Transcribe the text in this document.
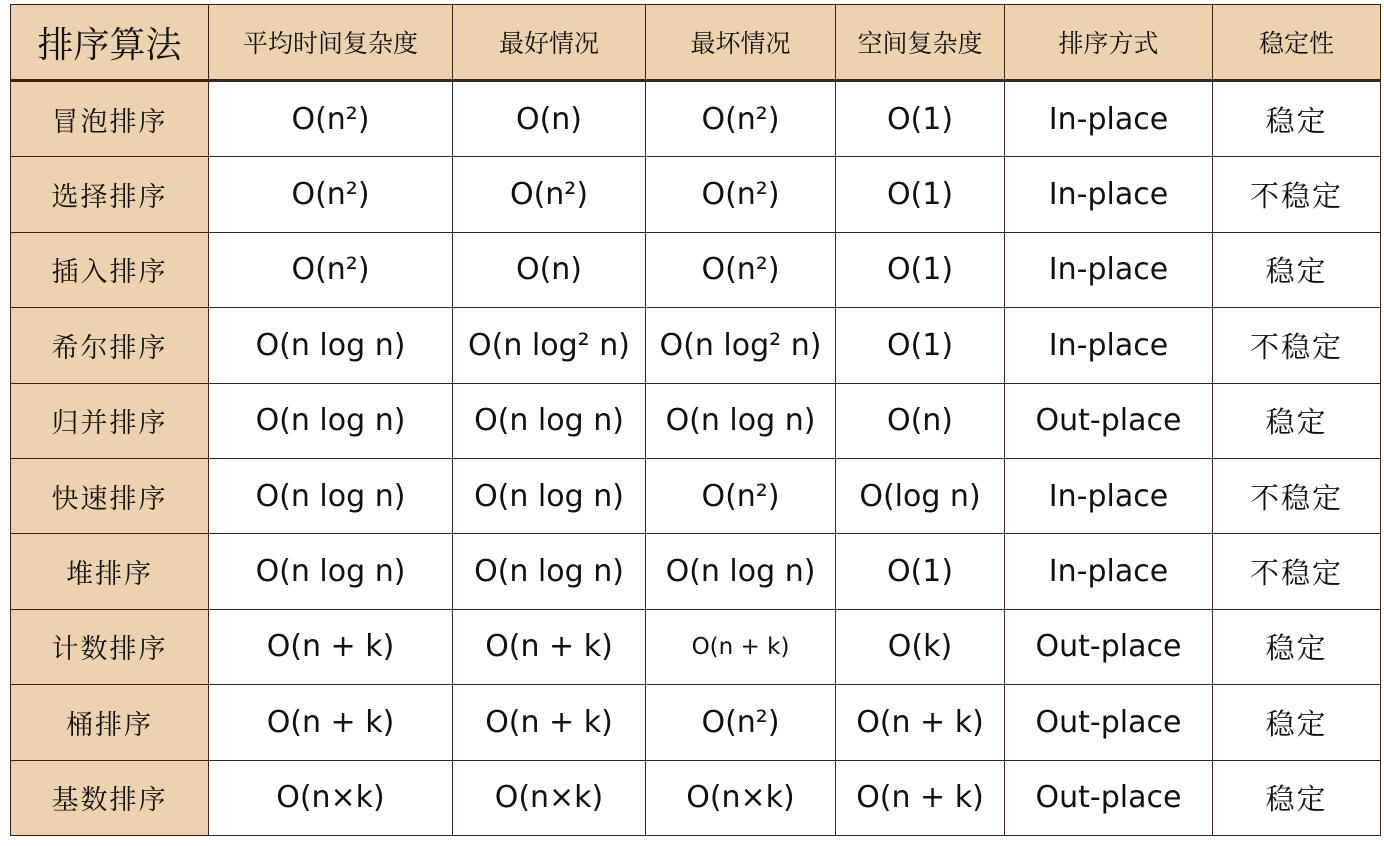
排序算法	平均时间复杂度	最好情况	最坏情况	空间复杂度	排序方式	稳定性
冒泡排序	O(n²)	O(n)	O(n²)	O(1)	In-place	稳定
选择排序	O(n²)	O(n²)	O(n²)	O(1)	In-place	不稳定
插入排序	O(n²)	O(n)	O(n²)	O(1)	In-place	稳定
希尔排序	O(n log n)	O(n log² n)	O(n log² n)	O(1)	In-place	不稳定
归并排序	O(n log n)	O(n log n)	O(n log n)	O(n)	Out-place	稳定
快速排序	O(n log n)	O(n log n)	O(n²)	O(log n)	In-place	不稳定
堆排序	O(n log n)	O(n log n)	O(n log n)	O(1)	In-place	不稳定
计数排序	O(n + k)	O(n + k)	O(n + k)	O(k)	Out-place	稳定
桶排序	O(n + k)	O(n + k)	O(n²)	O(n + k)	Out-place	稳定
基数排序	O(n×k)	O(n×k)	O(n×k)	O(n + k)	Out-place	稳定
